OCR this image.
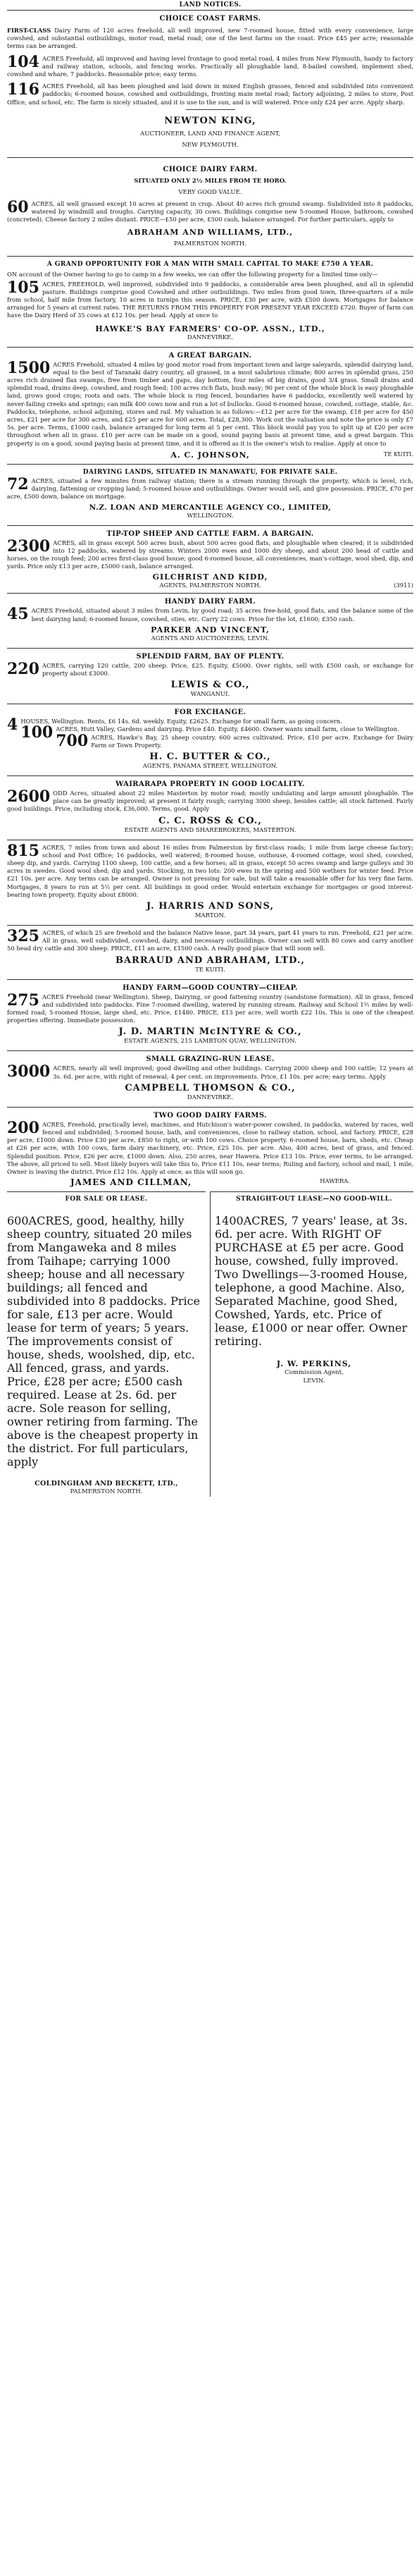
LAND NOTICES.
CHOICE COAST FARMS.

FIRST-CLASS Dairy Farm of 120 acres freehold, all well improved, new 7-roomed house, fitted with every convenience, large cowshed, and substantial outbuildings, motor road, metal road; one of the best farms on the coast. Price £45 per acre; reasonable terms can be arranged.

104 ACRES Freehold, all improved and having level frontage to good metal road, 4 miles from New Plymouth, handy to factory and railway station, schools, and fencing works. Practically all ploughable land, 8-bailed cowshed, implement shed, cowshed and whare, 7 paddocks. Reasonable price; easy terms.

116 ACRES Freehold, all has been ploughed and laid down in mixed English grasses, fenced and subdivided into convenient paddocks; 6-roomed house, cowshed and outbuildings, fronting main metal road; factory adjoining, 2 miles to store, Post Office, and school, etc. The farm is nicely situated, and it is use to the sun, and is will watered. Price only £24 per acre. Apply sharp.

NEWTON KING,
AUCTIONEER, LAND AND FINANCE AGENT,
NEW PLYMOUTH.
CHOICE DAIRY FARM.
SITUATED ONLY 2½ MILES FROM TE HORO.
VERY GOOD VALUE.

60 ACRES, all well grassed except 10 acres at present in crop. About 40 acres rich ground swamp. Subdivided into 8 paddocks, watered by windmill and troughs. Carrying capacity, 30 cows. Buildings comprise new 5-roomed House, bathroom, cowshed (concreted). Cheese factory 2 miles distant. PRICE—£50 per acre, £500 cash, balance arranged. For further particulars, apply to

ABRAHAM AND WILLIAMS, LTD.,
PALMERSTON NORTH.
A GRAND OPPORTUNITY FOR A MAN WITH SMALL CAPITAL TO MAKE £750 A YEAR.

ON account of the Owner having to go to camp in a few weeks, we can offer the following property for a limited time only—

105 ACRES, FREEHOLD, well improved, subdivided into 9 paddocks, a considerable area been ploughed, and all in splendid pasture. Buildings comprise good Cowshed and other outbuildings. Two miles from good town, three-quarters of a mile from school, half mile from factory, 10 acres in turnips this season. PRICE, £30 per acre, with £500 down. Mortgages for balance arranged for 5 years at current rates. THE RETURNS FROM THIS PROPERTY FOR PRESENT YEAR EXCEED £720. Buyer of farm can have the Dairy Herd of 35 cows at £12 10s. per head. Apply at once to

HAWKE'S BAY FARMERS' CO-OP. ASSN., LTD.,
DANNEVIRKE.
A GREAT BARGAIN.

1500 ACRES Freehold, situated 4 miles by good motor road from important town and large saleyards, splendid dairying land, equal to the best of Taranaki dairy country, all grassed, in a most salubrious climate; 800 acres in splendid grass, 250 acres rich drained flax swamps, free from timber and gaps, day bottom, four miles of big drains, good 3/4 grass. Small drains and splendid road, drains deep, cowshed, and rough feed; 100 acres rich flats, bush easy; 90 per cent of the whole block is easy ploughable land, grows good crops; roots and oats. The whole block is ring fenced, boundaries have 6 paddocks, excellently well watered by never-failing creeks and springs; can milk 400 cows now and run a lot of bullocks. Good 6-roomed house, cowshed, cottage, stable, &c. Paddocks, telephone, school adjoining, stores and rail. My valuation is as follows:—£12 per acre for the swamp, £18 per acre for 450 acres, £21 per acre for 300 acres, and £25 per acre for 600 acres. Total, £28,300. Work out the valuation and note the price is only £7 5s. per acre. Terms, £1000 cash, balance arranged for long term at 5 per cent. This block would pay you to split up at £20 per acre throughout when all in grass. £10 per acre can be made on a good, sound paying basis at present time, and a great bargain. This property is on a good, sound paying basis at present time, and it is offered as it is the owner's wish to realise. Apply at once to

A. C. JOHNSON,	TE KUITI.
DAIRYING LANDS, SITUATED IN MANAWATU, FOR PRIVATE SALE.

72 ACRES, situated a few minutes from railway station; there is a stream running through the property, which is level, rich, dairying, fattening or cropping land; 5-roomed house and outbuildings. Owner would sell, and give possession. PRICE, £70 per acre, £500 down, balance on mortgage.

N.Z. LOAN AND MERCANTILE AGENCY CO., LIMITED,
WELLINGTON.
TIP-TOP SHEEP AND CATTLE FARM. A BARGAIN.

2300 ACRES, all in grass except 500 acres bush, about 500 acres good flats, and ploughable when cleared; it is subdivided into 12 paddocks, watered by streams. Winters 2000 ewes and 1000 dry sheep, and about 200 head of cattle and horses, on the rough feed; 200 acres first-class good house; good 6-roomed house, all conveniences, man's-cottage, wool shed, dip, and yards. Price only £13 per acre, £5000 cash, balance arranged.

GILCHRIST AND KIDD,
AGENTS, PALMERSTON NORTH.	(3911)
HANDY DAIRY FARM.

45 ACRES Freehold, situated about 3 miles from Levin, by good road; 35 acres free-hold, good flats, and the balance some of the best dairying land; 6-roomed house, cowshed, sties, etc. Carry 22 cows. Price for the lot, £1600; £350 cash.

PARKER AND VINCENT,
AGENTS AND AUCTIONEERS, LEVIN.
SPLENDID FARM, BAY OF PLENTY.

220 ACRES, carrying 120 cattle, 200 sheep. Price, £25. Equity, £5000. Over rights, sell with £500 cash, or exchange for property about £3000.

LEWIS & CO.,
WANGANUI.
FOR EXCHANGE.

4 HOUSES, Wellington. Rents, £6 14s. 6d. weekly. Equity, £2625. Exchange for small farm, as going concern.

100 ACRES, Hutt Valley, Gardens and dairying. Price £40. Equity, £4600. Owner wants small farm, close to Wellington.

700 ACRES, Hawke's Bay, 25 sheep country. 600 acres cultivated. Price, £10 per acre. Exchange for Dairy Farm or Town Property.

H. C. BUTTER & CO.,
AGENTS, PANAMA STREET, WELLINGTON.
WAIRARAPA PROPERTY IN GOOD LOCALITY.

2600 ODD Acres, situated about 22 miles Masterton by motor road; mostly undulating and large amount ploughable. The place can be greatly improved; at present it fairly rough; carrying 3000 sheep, besides cattle; all stock fattened. Fairly good buildings. Price, including stock, £36,000. Terms, good. Apply

C. C. ROSS & CO.,
ESTATE AGENTS AND SHAREBROKERS, MASTERTON.

815 ACRES, 7 miles from town and about 16 miles from Palmerston by first-class roads; 1 mile from large cheese factory; school and Post Office; 16 paddocks, well watered; 8-roomed house, outhouse, 4-roomed cottage, wool shed, cowshed, sheep dip, and yards. Carrying 1100 sheep, 100 cattle, and a few horses; all in grass, except 50 acres swamp and large gulleys and 30 acres in swedes. Good wool shed; dip and yards. Stocking, in two lots: 200 ewes in the spring and 500 wethers for winter feed. Price £21 10s. per acre. Any terms can be arranged. Owner is not pressing for sale, but will take a reasonable offer for his very fine farm. Mortgages, 8 years to run at 5½ per cent. All buildings in good order. Would entertain exchange for mortgages or good interest-bearing town property. Equity about £8000.

J. HARRIS AND SONS,
MARTON.

325 ACRES, of which 25 are freehold and the balance Native lease, part 34 years, part 41 years to run. Freehold, £21 per acre. All in grass, well subdivided, cowshed, dairy, and necessary outbuildings. Owner can sell with 80 cows and carry another 50 head dry cattle and 300 sheep. PRICE, £11 an acre, £1500 cash. A really good place that will soon sell.

BARRAUD AND ABRAHAM, LTD.,
TE KUITI.
HANDY FARM—GOOD COUNTRY—CHEAP.

275 ACRES Freehold (near Wellington). Sheep, Dairying, or good fattening country (sandstone formation). All in grass, fenced and subdivided into paddocks. Fine 7-roomed dwelling, watered by running stream. Railway and School 1½ miles by well-formed road; 5-roomed House, large shed, etc. Price, £1480. PRICE, £13 per acre, well worth £22 10s. This is one of the cheapest properties offering. Immediate possession.

J. D. MARTIN McINTYRE & CO.,
ESTATE AGENTS, 215 LAMBTON QUAY, WELLINGTON.
SMALL GRAZING-RUN LEASE.

3000 ACRES, nearly all well improved; good dwelling and other buildings. Carrying 2000 sheep and 100 cattle; 12 years at 3s. 6d. per acre, with right of renewal; 4 per cent. on improvements. Price, £1 10s. per acre; easy terms. Apply

CAMPBELL THOMSON & CO.,
DANNEVIRKE.
TWO GOOD DAIRY FARMS.

200 ACRES, Freehold, practically level; machines, and Hutchison's water-power cowshed, in paddocks, watered by races, well fenced and subdivided; 5-roomed house, bath, and conveniences, close to railway station, school, and factory. PRICE, £28 per acre, £1000 down. Price £30 per acre, £850 to right, or with 100 cows. Choice property. 6-roomed house, barn, sheds, etc. Cheap at £26 per acre, with 100 cows, farm dairy machinery, etc. Price, £25 10s. per acre. Also, 400 acres, best of grass, and fenced. Splendid position. Price, £26 per acre, £1000 down. Also, 250 acres, near Hawera. Price £13 10s. Price, ever terms, to be arranged. The above, all priced to sell. Most likely buyers will take this to, Price £11 10s, near terms; Ruling and factory, school and mail, 1 mile, Owner is leaving the district. Price £12 10s. Apply at once, as this will soon go.

JAMES AND CILLMAN,	HAWERA.
FOR SALE OR LEASE.

600ACRES, good, healthy, hilly sheep country, situated 20 miles from Mangaweka and 8 miles from Taihape; carrying 1000 sheep; house and all necessary buildings; all fenced and subdivided into 8 paddocks. Price for sale, £13 per acre. Would lease for term of years; 5 years. The improvements consist of house, sheds, woolshed, dip, etc. All fenced, grass, and yards. Price, £28 per acre; £500 cash required. Lease at 2s. 6d. per acre. Sole reason for selling, owner retiring from farming. The above is the cheapest property in the district. For full particulars, apply

COLDINGHAM AND BECKETT, LTD.,
PALMERSTON NORTH.
STRAIGHT-OUT LEASE—NO GOOD-WILL.

1400ACRES, 7 years' lease, at 3s. 6d. per acre. With RIGHT OF PURCHASE at £5 per acre. Good house, cowshed, fully improved. Two Dwellings—3-roomed House, telephone, a good Machine. Also, Separated Machine, good Shed, Cowshed, Yards, etc. Price of lease, £1000 or near offer. Owner retiring.

J. W. PERKINS,
Commission Agent,
LEVIN.
